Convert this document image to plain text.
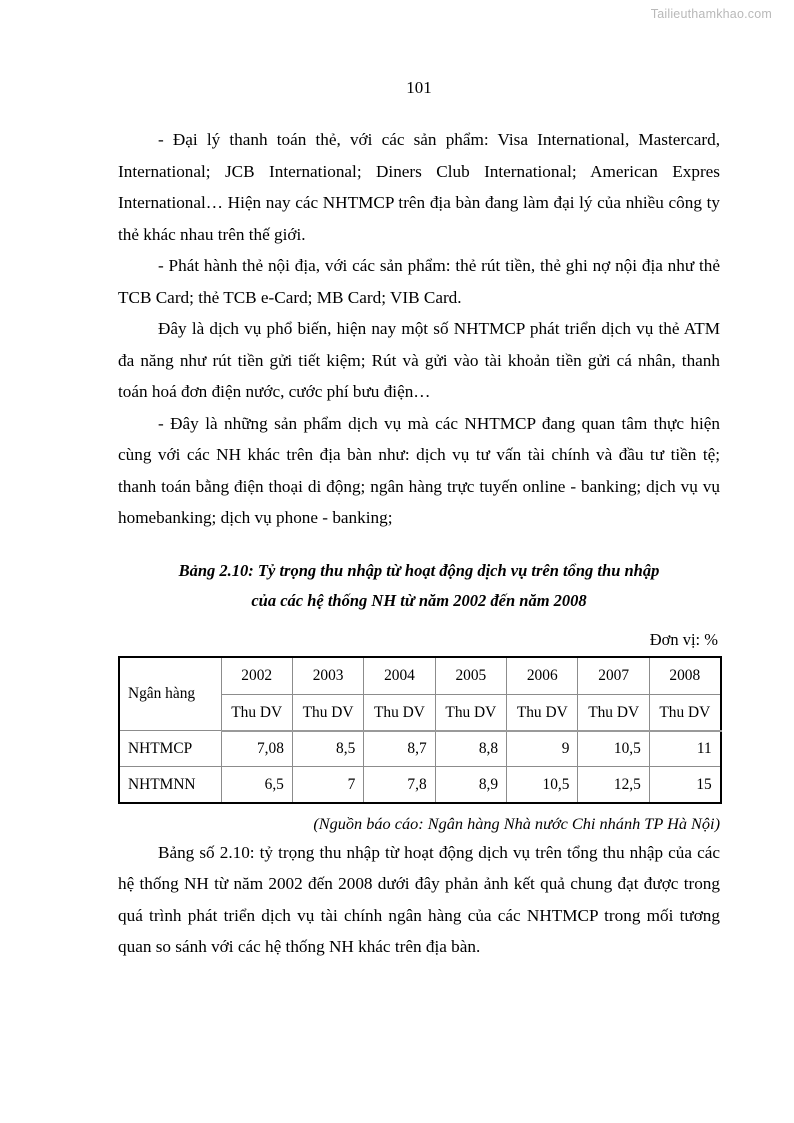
Tailieuthamkhao.com
101

- Đại lý thanh toán thẻ, với các sản phẩm: Visa International, Mastercard, International; JCB International; Diners Club International; American Expres International… Hiện nay các NHTMCP trên địa bàn đang làm đại lý của nhiều công ty thẻ khác nhau trên thế giới.

- Phát hành thẻ nội địa, với các sản phẩm: thẻ rút tiền, thẻ ghi nợ nội địa như thẻ TCB Card; thẻ TCB e-Card; MB Card; VIB Card.

Đây là dịch vụ phổ biến, hiện nay một số NHTMCP phát triển dịch vụ thẻ ATM đa năng như rút tiền gửi tiết kiệm; Rút và gửi vào tài khoản tiền gửi cá nhân, thanh toán hoá đơn điện nước, cước phí bưu điện…

- Đây là những sản phẩm dịch vụ mà các NHTMCP đang quan tâm thực hiện cùng với các NH khác trên địa bàn như: dịch vụ tư vấn tài chính và đầu tư tiền tệ; thanh toán bằng điện thoại di động; ngân hàng trực tuyến online - banking; dịch vụ vụ homebanking; dịch vụ phone - banking;

Bảng 2.10: Tỷ trọng thu nhập từ hoạt động dịch vụ trên tổng thu nhập
của các hệ thống NH từ năm 2002 đến năm 2008
Đơn vị: %
Ngân hàng	2002	2003	2004	2005	2006	2007	2008
	Thu DV	Thu DV	Thu DV	Thu DV	Thu DV	Thu DV	Thu DV
NHTMCP	7,08	8,5	8,7	8,8	9	10,5	11
NHTMNN	6,5	7	7,8	8,9	10,5	12,5	15
(Nguồn báo cáo: Ngân hàng Nhà nước Chi nhánh TP Hà Nội)

Bảng số 2.10: tỷ trọng thu nhập từ hoạt động dịch vụ trên tổng thu nhập của các hệ thống NH từ năm 2002 đến 2008 dưới đây phản ảnh kết quả chung đạt được trong quá trình phát triển dịch vụ tài chính ngân hàng của các NHTMCP trong mối tương quan so sánh với các hệ thống NH khác trên địa bàn.
